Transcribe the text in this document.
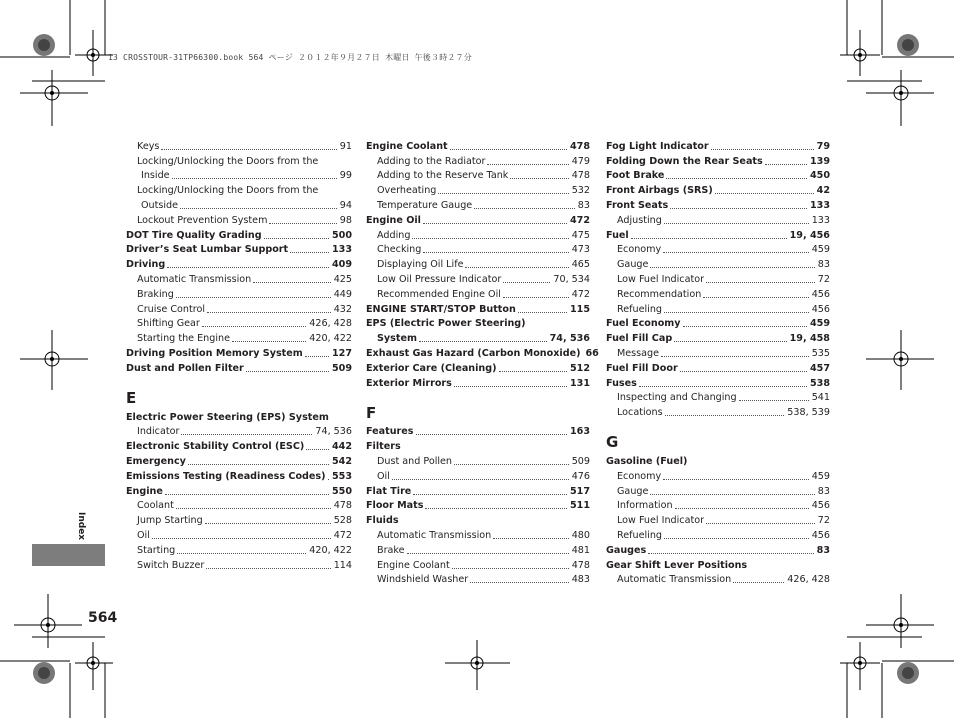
13 CROSSTOUR-31TP66300.book 564 ページ ２０１２年９月２７日 木曜日 午後３時２７分
Index
564
Keys	91
Locking/Unlocking the Doors from the
Inside	99
Locking/Unlocking the Doors from the
Outside	94
Lockout Prevention System	98
DOT Tire Quality Grading	500
Driver’s Seat Lumbar Support	133
Driving	409
Automatic Transmission	425
Braking	449
Cruise Control	432
Shifting Gear	426, 428
Starting the Engine	420, 422
Driving Position Memory System	127
Dust and Pollen Filter	509
E
Electric Power Steering (EPS) System
Indicator	74, 536
Electronic Stability Control (ESC)	442
Emergency	542
Emissions Testing (Readiness Codes) 553
Engine	550
Coolant	478
Jump Starting	528
Oil	472
Starting	420, 422
Switch Buzzer	114
Engine Coolant	478
Adding to the Radiator	479
Adding to the Reserve Tank	478
Overheating	532
Temperature Gauge	83
Engine Oil	472
Adding	475
Checking	473
Displaying Oil Life	465
Low Oil Pressure Indicator	70, 534
Recommended Engine Oil	472
ENGINE START/STOP Button	115
EPS (Electric Power Steering)
System	74, 536
Exhaust Gas Hazard (Carbon Monoxide) 66
Exterior Care (Cleaning)	512
Exterior Mirrors	131
F
Features	163
Filters
Dust and Pollen	509
Oil	476
Flat Tire	517
Floor Mats	511
Fluids
Automatic Transmission	480
Brake	481
Engine Coolant	478
Windshield Washer	483
Fog Light Indicator	79
Folding Down the Rear Seats	139
Foot Brake	450
Front Airbags (SRS)	42
Front Seats	133
Adjusting	133
Fuel	19, 456
Economy	459
Gauge	83
Low Fuel Indicator	72
Recommendation	456
Refueling	456
Fuel Economy	459
Fuel Fill Cap	19, 458
Message	535
Fuel Fill Door	457
Fuses	538
Inspecting and Changing	541
Locations	538, 539
G
Gasoline (Fuel)
Economy	459
Gauge	83
Information	456
Low Fuel Indicator	72
Refueling	456
Gauges	83
Gear Shift Lever Positions
Automatic Transmission	426, 428
